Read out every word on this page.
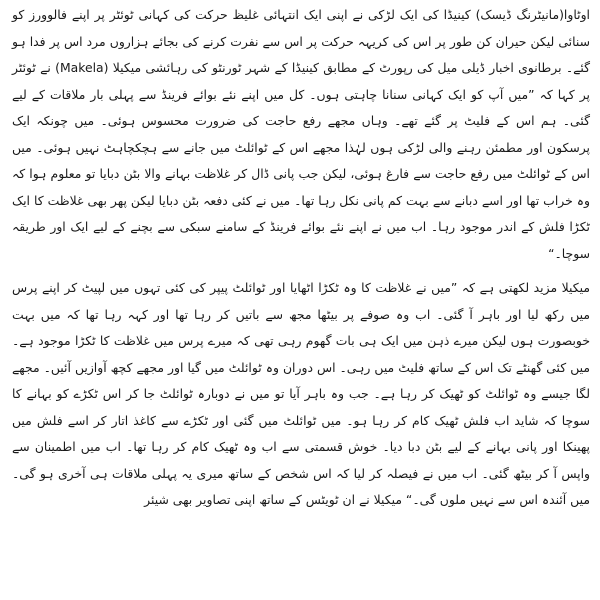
اوٹاوا(مانیٹرنگ ڈیسک) کینیڈا کی ایک لڑکی نے اپنی ایک انتہائی غلیظ حرکت کی کہانی ٹوئٹر پر اپنے فالوورز کو سنائی لیکن حیران کن طور پر اس کی کریہہ حرکت پر اس سے نفرت کرنے کی بجائے ہزاروں مرد اس پر فدا ہو گئے۔ برطانوی اخبار ڈیلی میل کی رپورٹ کے مطابق کینیڈا کے شہر ٹورنٹو کی رہائشی میکیلا (Makela) نے ٹوئٹر پر کہا کہ ”میں آپ کو ایک کہانی سنانا چاہتی ہوں۔ کل میں اپنے نئے بوائے فرینڈ سے پہلی بار ملاقات کے لیے گئی۔ ہم اس کے فلیٹ پر گئے تھے۔ وہاں مجھے رفع حاجت کی ضرورت محسوس ہوئی۔ میں چونکہ ایک پرسکون اور مطمئن رہنے والی لڑکی ہوں لہٰذا مجھے اس کے ٹوائلٹ میں جانے سے ہچکچاہٹ نہیں ہوئی۔ میں اس کے ٹوائلٹ میں رفع حاجت سے فارغ ہوئی، لیکن جب پانی ڈال کر غلاظت بہانے والا بٹن دبایا تو معلوم ہوا کہ وہ خراب تھا اور اسے دبانے سے بہت کم پانی نکل رہا تھا۔ میں نے کئی دفعہ بٹن دبایا لیکن پھر بھی غلاظت کا ایک ٹکڑا فلش کے اندر موجود رہا۔ اب میں نے اپنے نئے بوائے فرینڈ کے سامنے سبکی سے بچنے کے لیے ایک اور طریقہ سوچا۔“

میکیلا مزید لکھتی ہے کہ ”میں نے غلاظت کا وہ ٹکڑا اٹھایا اور ٹوائلٹ پیپر کی کئی تہوں میں لپیٹ کر اپنے پرس میں رکھ لیا اور باہر آ گئی۔ اب وہ صوفے پر بیٹھا مجھ سے باتیں کر رہا تھا اور کہہ رہا تھا کہ میں بہت خوبصورت ہوں لیکن میرے ذہن میں ایک ہی بات گھوم رہی تھی کہ میرے پرس میں غلاظت کا ٹکڑا موجود ہے۔ میں کئی گھنٹے تک اس کے ساتھ فلیٹ میں رہی۔ اس دوران وہ ٹوائلٹ میں گیا اور مجھے کچھ آوازیں آئیں۔ مجھے لگا جیسے وہ ٹوائلٹ کو ٹھیک کر رہا ہے۔ جب وہ باہر آیا تو میں نے دوبارہ ٹوائلٹ جا کر اس ٹکڑے کو بہانے کا سوچا کہ شاید اب فلش ٹھیک کام کر رہا ہو۔ میں ٹوائلٹ میں گئی اور ٹکڑے سے کاغذ اتار کر اسے فلش میں پھینکا اور پانی بہانے کے لیے بٹن دبا دیا۔ خوش قسمتی سے اب وہ ٹھیک کام کر رہا تھا۔ اب میں اطمینان سے واپس آ کر بیٹھ گئی۔ اب میں نے فیصلہ کر لیا کہ اس شخص کے ساتھ میری یہ پہلی ملاقات ہی آخری ہو گی۔ میں آئندہ اس سے نہیں ملوں گی۔“ میکیلا نے ان ٹویٹس کے ساتھ اپنی تصاویر بھی شیئر
